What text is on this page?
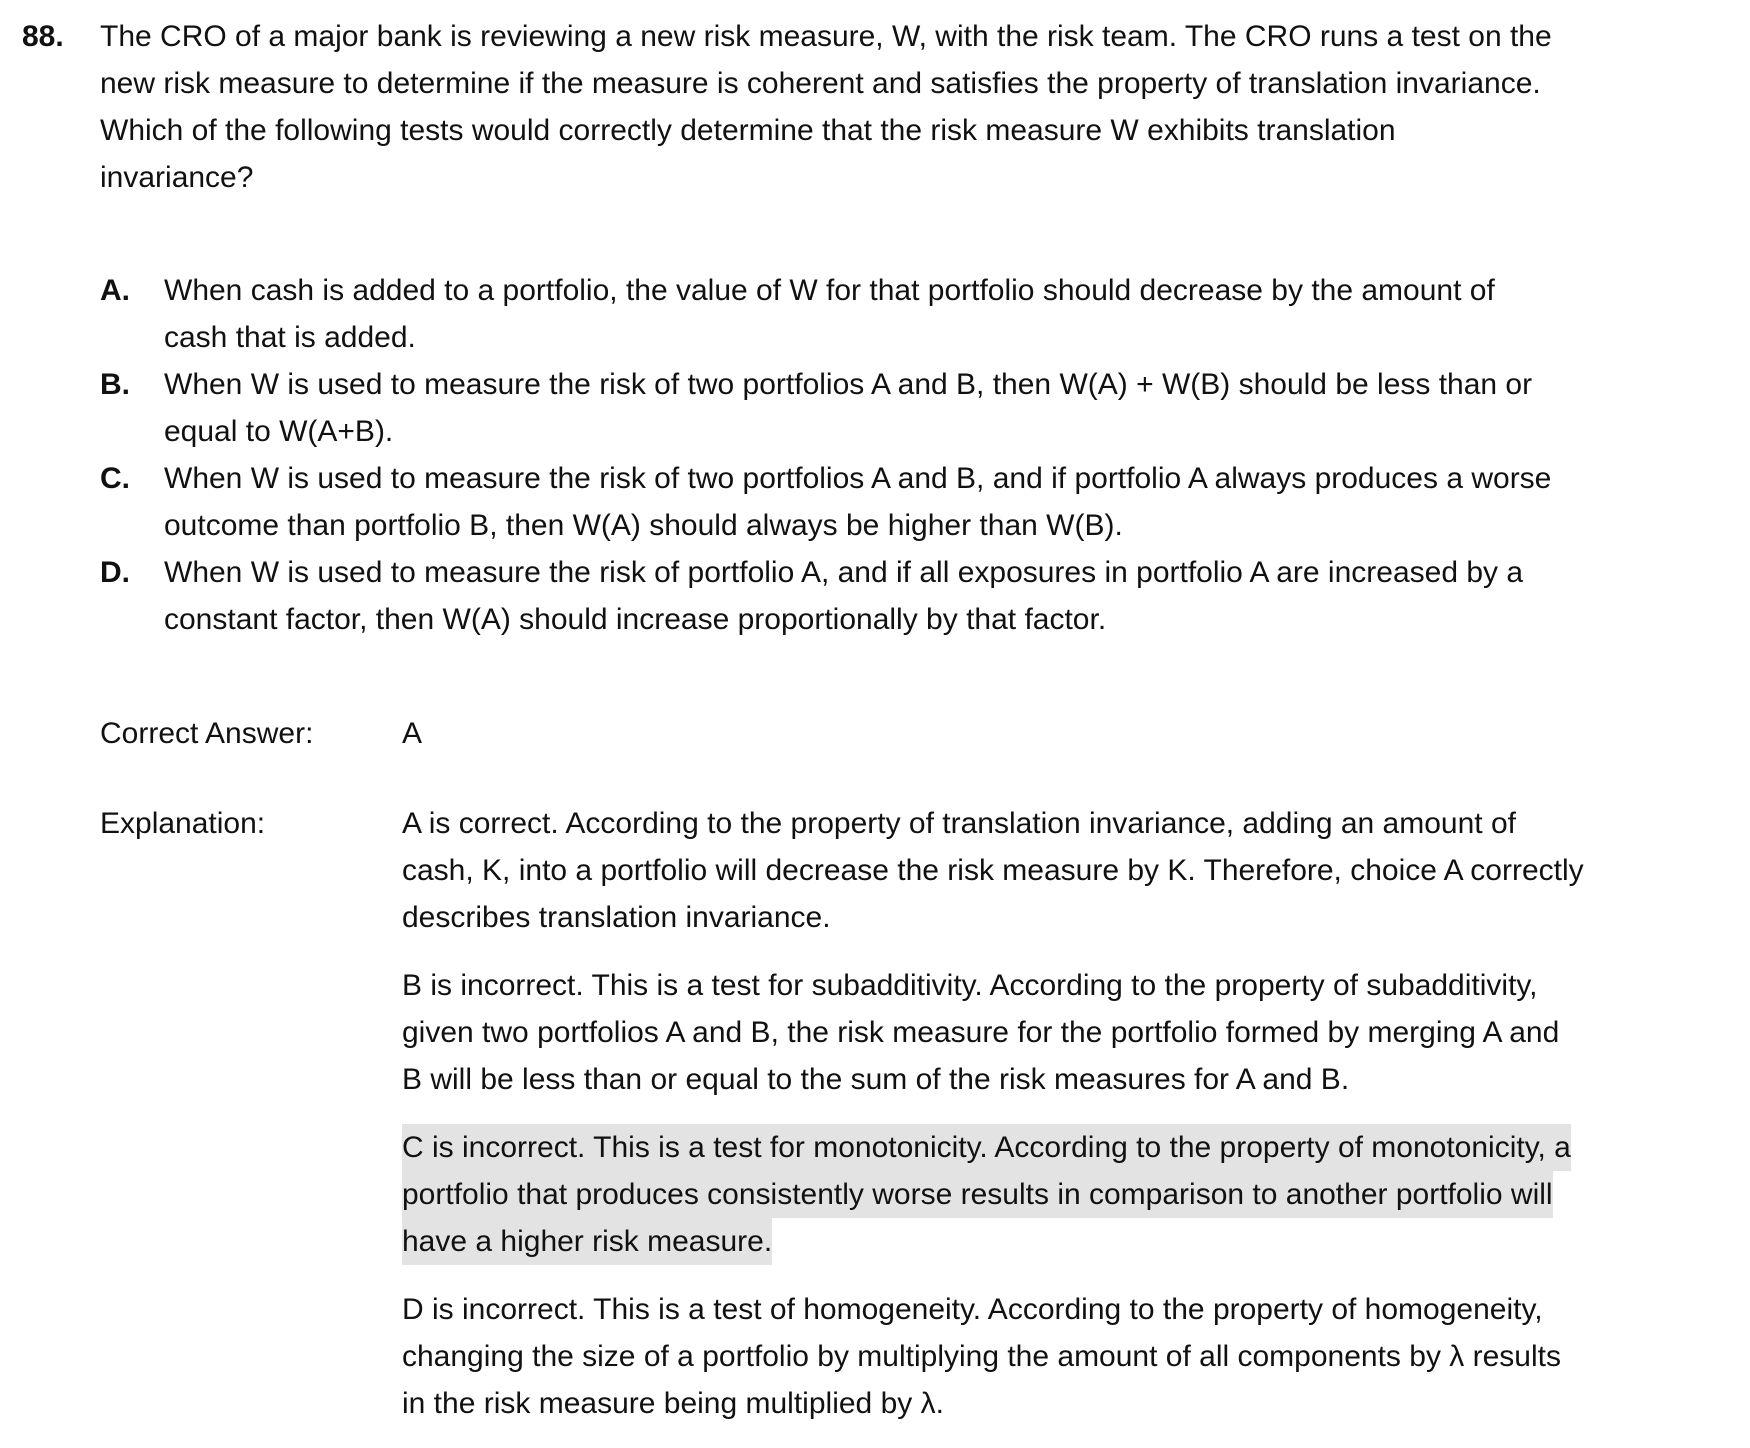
88. The CRO of a major bank is reviewing a new risk measure, W, with the risk team. The CRO runs a test on the
new risk measure to determine if the measure is coherent and satisfies the property of translation invariance.
Which of the following tests would correctly determine that the risk measure W exhibits translation
invariance?
A. When cash is added to a portfolio, the value of W for that portfolio should decrease by the amount of
cash that is added.
B. When W is used to measure the risk of two portfolios A and B, then W(A) + W(B) should be less than or
equal to W(A+B).
C. When W is used to measure the risk of two portfolios A and B, and if portfolio A always produces a worse
outcome than portfolio B, then W(A) should always be higher than W(B).
D. When W is used to measure the risk of portfolio A, and if all exposures in portfolio A are increased by a
constant factor, then W(A) should increase proportionally by that factor.
Correct Answer:	A
Explanation:	A is correct. According to the property of translation invariance, adding an amount of
cash, K, into a portfolio will decrease the risk measure by K. Therefore, choice A correctly
describes translation invariance.
B is incorrect. This is a test for subadditivity. According to the property of subadditivity,
given two portfolios A and B, the risk measure for the portfolio formed by merging A and
B will be less than or equal to the sum of the risk measures for A and B.
C is incorrect. This is a test for monotonicity. According to the property of monotonicity, a
portfolio that produces consistently worse results in comparison to another portfolio will
have a higher risk measure.
D is incorrect. This is a test of homogeneity. According to the property of homogeneity,
changing the size of a portfolio by multiplying the amount of all components by λ results
in the risk measure being multiplied by λ.
